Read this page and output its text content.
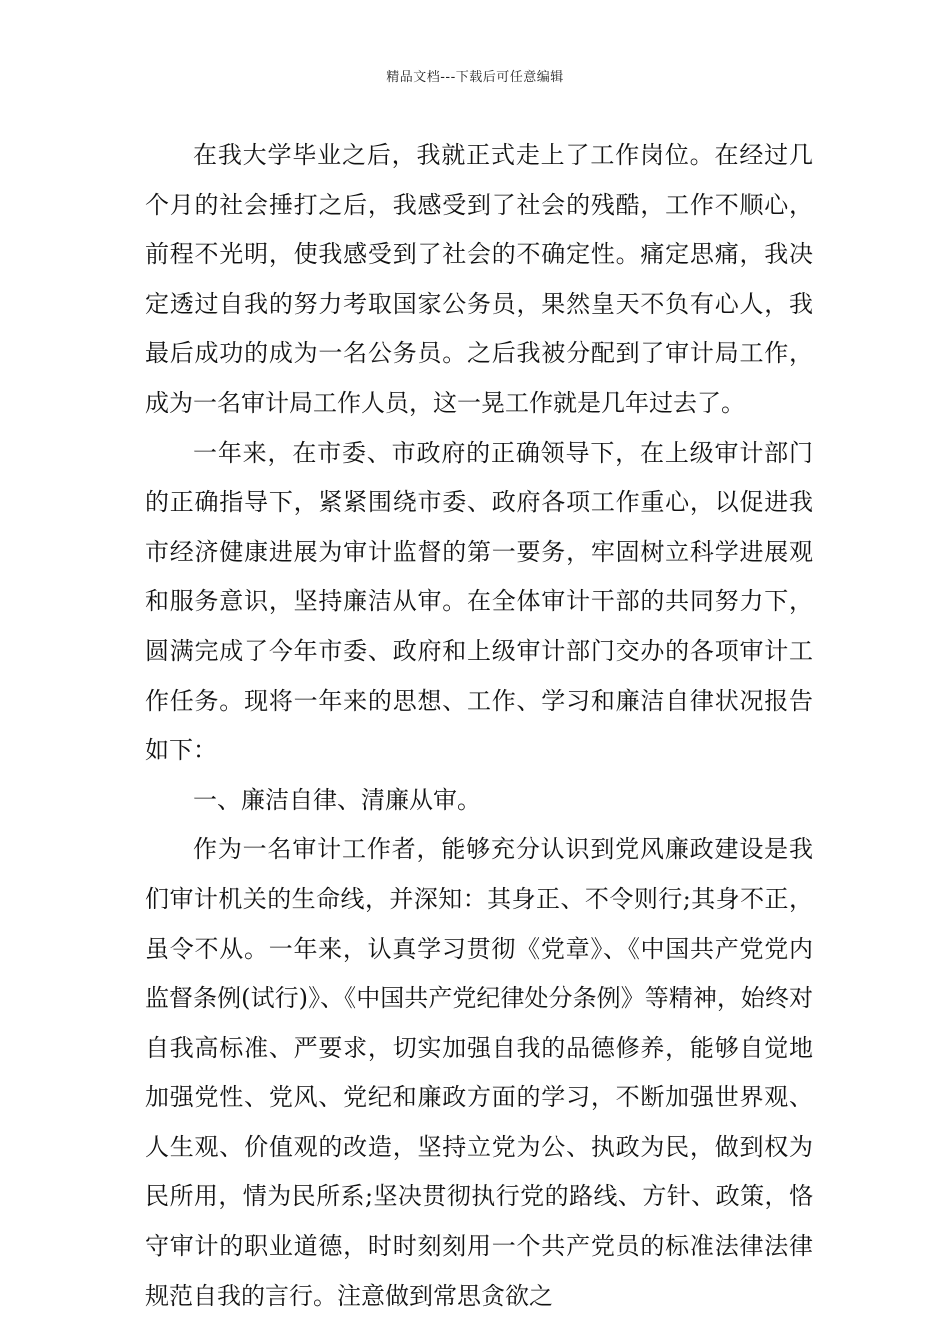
精品文档---下载后可任意编辑

在我大学毕业之后，我就正式走上了工作岗位。在经过几个月的社会捶打之后，我感受到了社会的残酷，工作不顺心，前程不光明，使我感受到了社会的不确定性。痛定思痛，我决定透过自我的努力考取国家公务员，果然皇天不负有心人，我最后成功的成为一名公务员。之后我被分配到了审计局工作，成为一名审计局工作人员，这一晃工作就是几年过去了。

一年来，在市委、市政府的正确领导下，在上级审计部门的正确指导下，紧紧围绕市委、政府各项工作重心，以促进我市经济健康进展为审计监督的第一要务，牢固树立科学进展观和服务意识，坚持廉洁从审。在全体审计干部的共同努力下，圆满完成了今年市委、政府和上级审计部门交办的各项审计工作任务。现将一年来的思想、工作、学习和廉洁自律状况报告如下：

一、廉洁自律、清廉从审。

作为一名审计工作者，能够充分认识到党风廉政建设是我们审计机关的生命线，并深知：其身正、不令则行;其身不正，虽令不从。一年来，认真学习贯彻《党章》、《中国共产党党内监督条例(试行)》、《中国共产党纪律处分条例》等精神，始终对自我高标准、严要求，切实加强自我的品德修养，能够自觉地加强党性、党风、党纪和廉政方面的学习，不断加强世界观、人生观、价值观的改造，坚持立党为公、执政为民，做到权为民所用，情为民所系;坚决贯彻执行党的路线、方针、政策，恪守审计的职业道德，时时刻刻用一个共产党员的标准法律法律规范自我的言行。注意做到常思贪欲之
